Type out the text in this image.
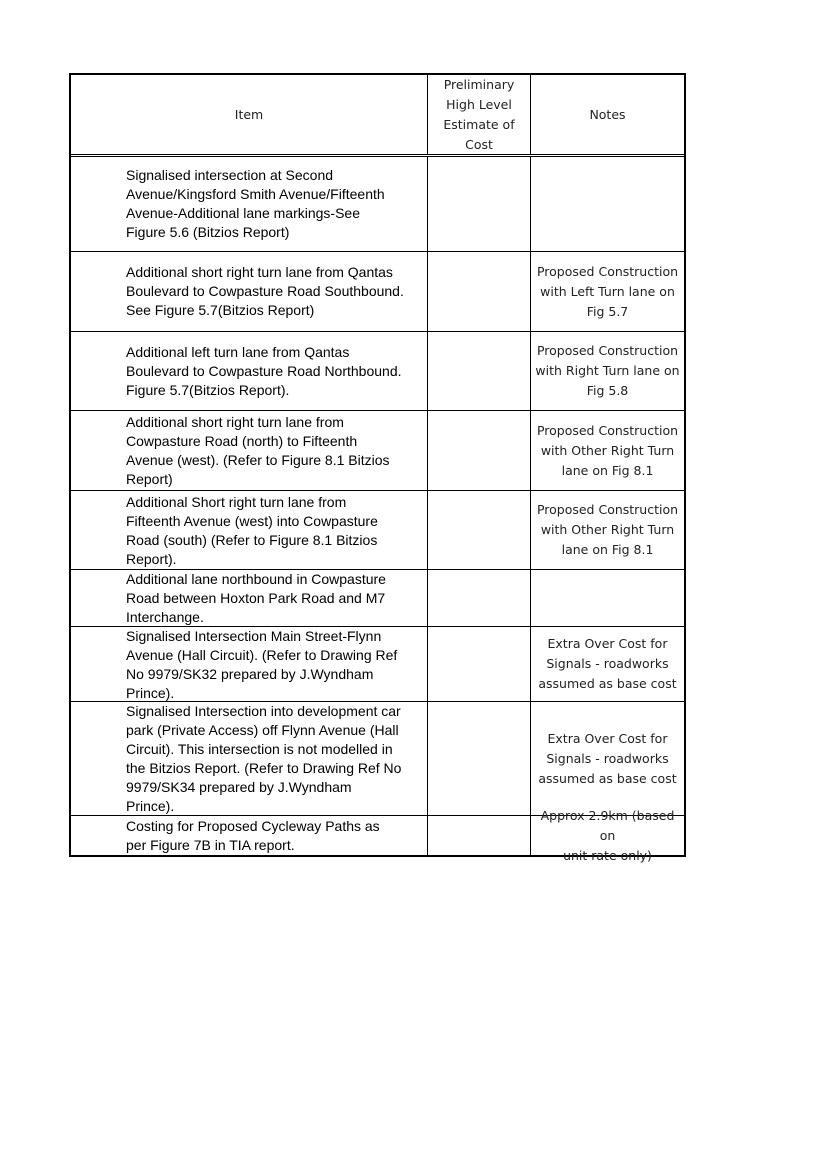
Item
Preliminary
High Level
Estimate of
Cost
Notes
Signalised intersection at Second
Avenue/Kingsford Smith Avenue/Fifteenth
Avenue-Additional lane markings-See
Figure 5.6 (Bitzios Report)
Additional short right turn lane from Qantas
Boulevard to Cowpasture Road Southbound.
See Figure 5.7(Bitzios Report)
Proposed Construction
with Left Turn lane on
Fig 5.7
Additional left turn lane from Qantas
Boulevard to Cowpasture Road Northbound.
Figure 5.7(Bitzios Report).
Proposed Construction
with Right Turn lane on
Fig 5.8
Additional short right turn lane from
Cowpasture Road (north) to Fifteenth
Avenue (west). (Refer to Figure 8.1 Bitzios
Report)
Proposed Construction
with Other Right Turn
lane on Fig 8.1
Additional Short right turn lane from
Fifteenth Avenue (west) into Cowpasture
Road (south) (Refer to Figure 8.1 Bitzios
Report).
Proposed Construction
with Other Right Turn
lane on Fig 8.1
Additional lane northbound in Cowpasture
Road between Hoxton Park Road and M7
Interchange.
Signalised Intersection Main Street-Flynn
Avenue (Hall Circuit). (Refer to Drawing Ref
No 9979/SK32 prepared by J.Wyndham
Prince).
Extra Over Cost for
Signals - roadworks
assumed as base cost
Signalised Intersection into development car
park (Private Access) off Flynn Avenue (Hall
Circuit). This intersection is not modelled in
the Bitzios Report. (Refer to Drawing Ref No
9979/SK34 prepared by J.Wyndham
Prince).
Extra Over Cost for
Signals - roadworks
assumed as base cost
Costing for Proposed Cycleway Paths as
per Figure 7B in TIA report.
Approx 2.9km (based on
unit rate only)
